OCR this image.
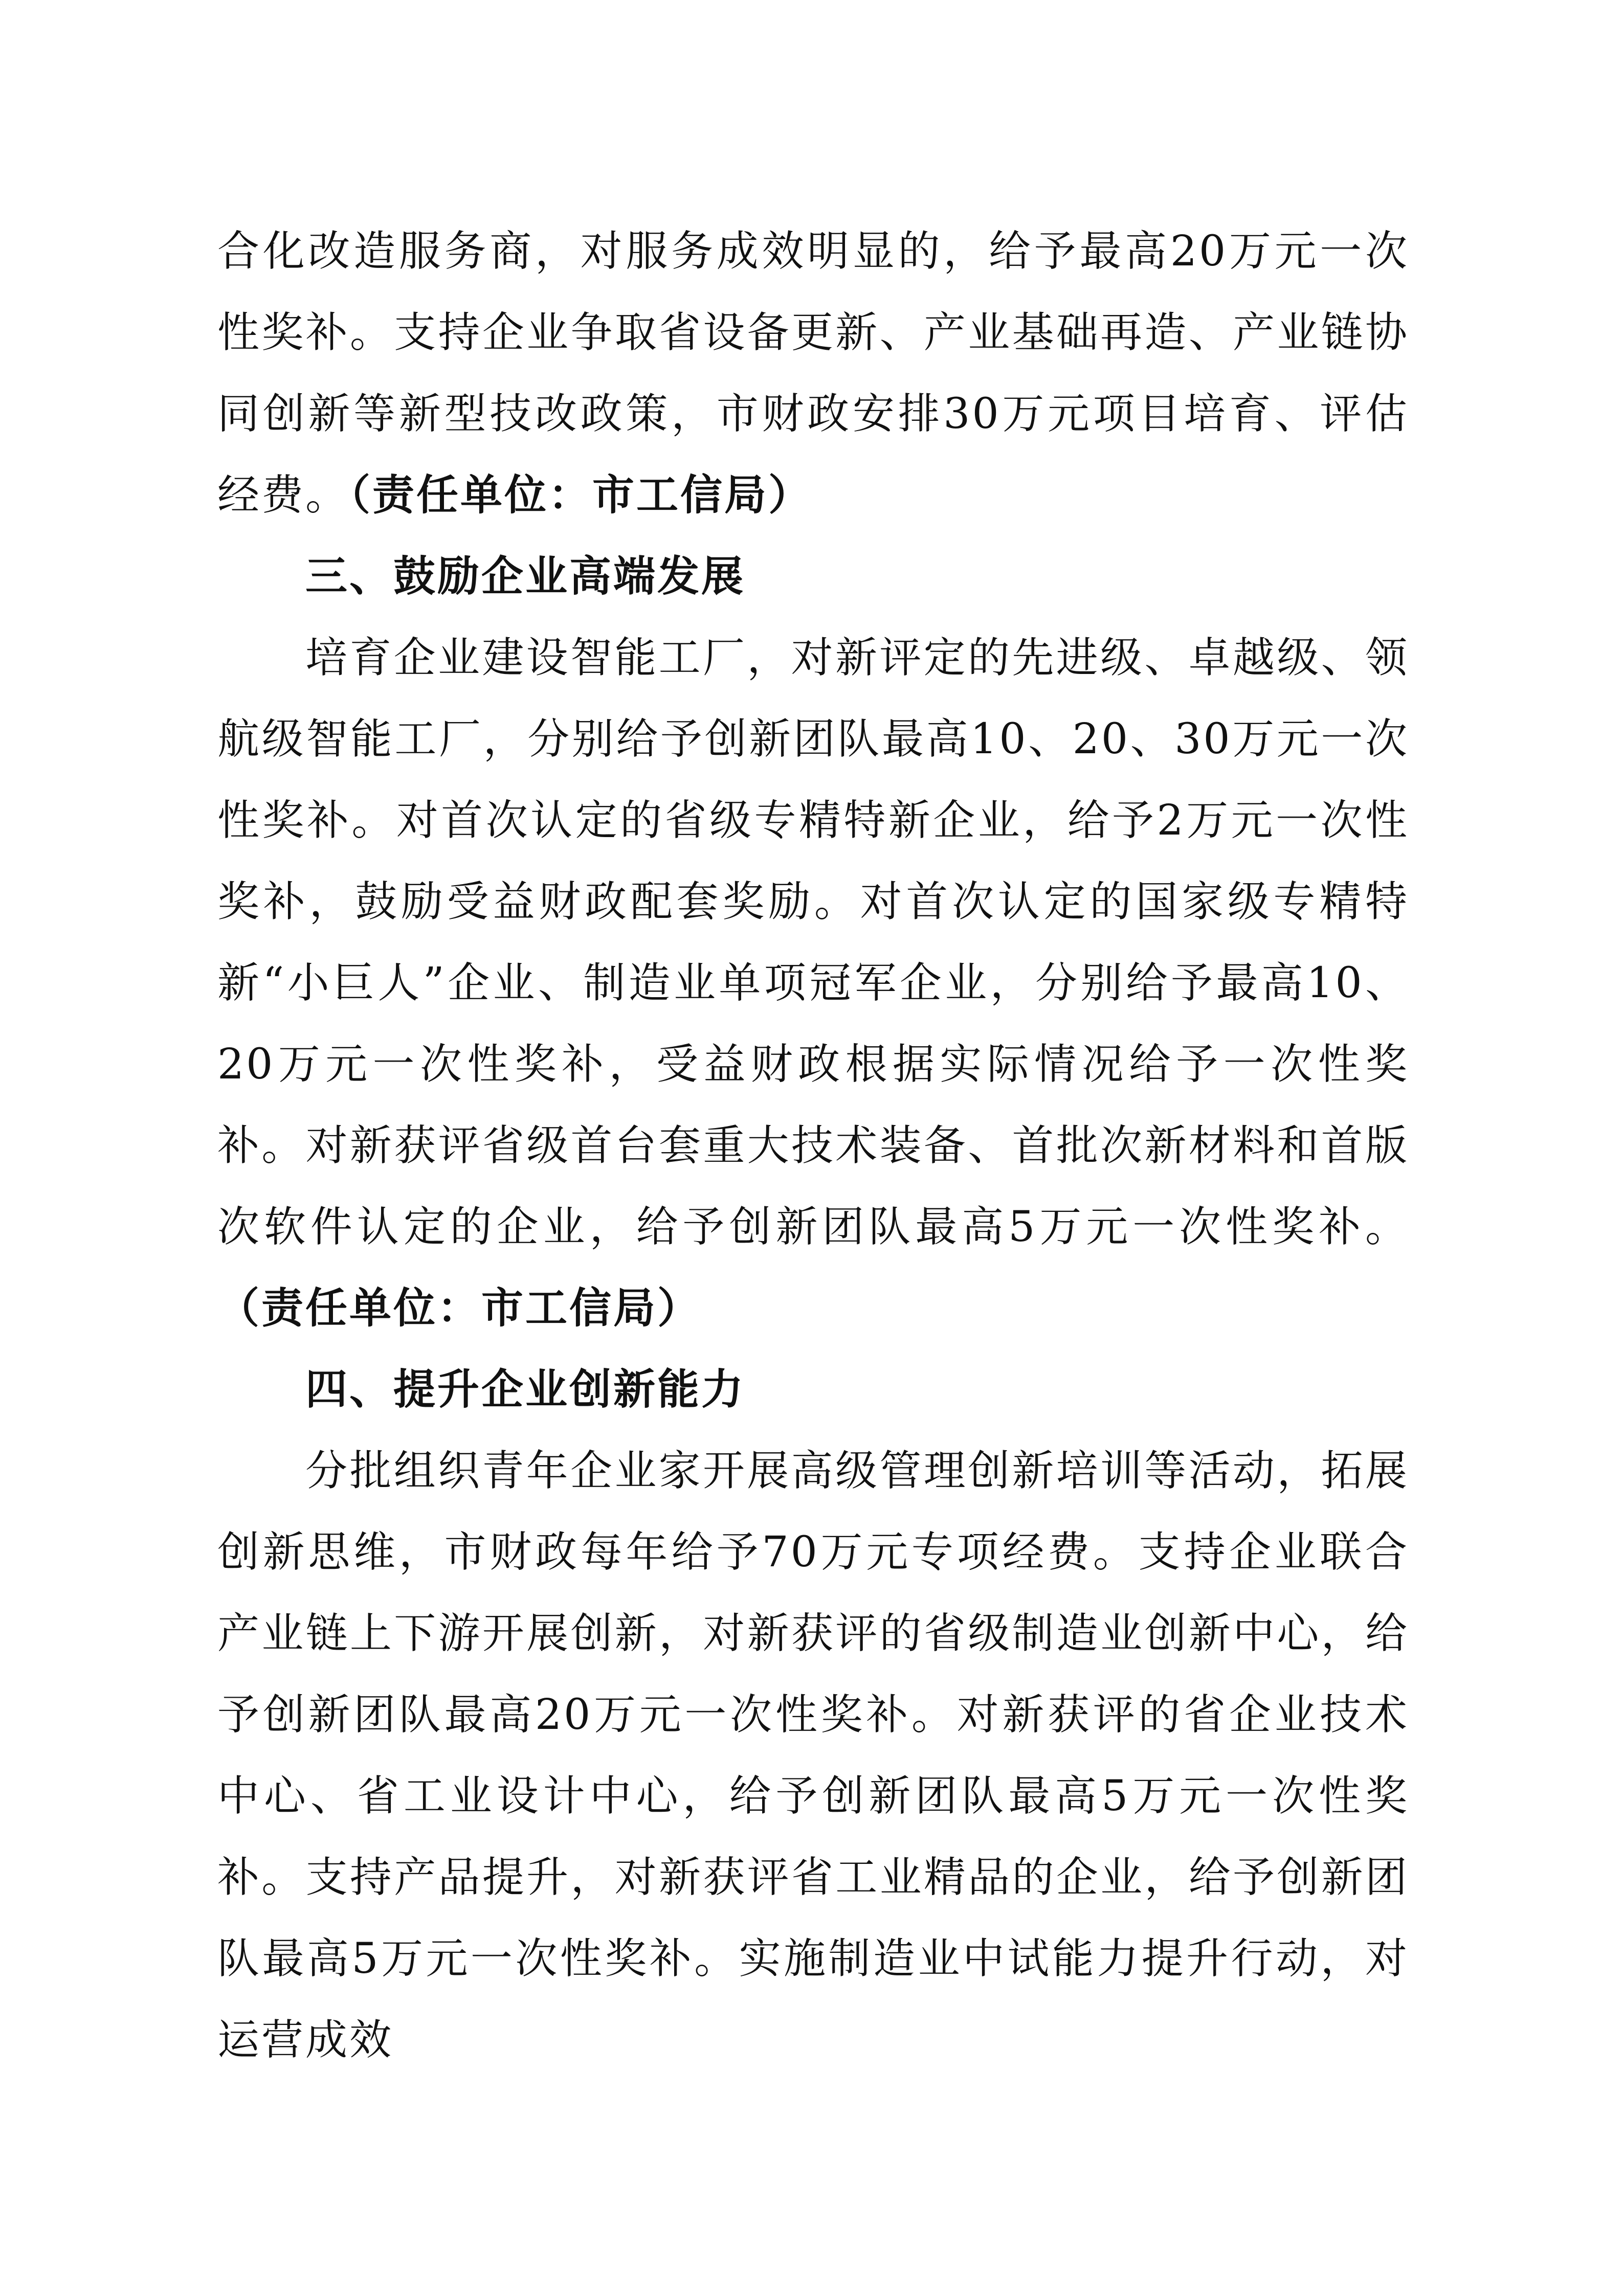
合化改造服务商，对服务成效明显的，给予最高20万元一次性奖补。支持企业争取省设备更新、产业基础再造、产业链协同创新等新型技改政策，市财政安排30万元项目培育、评估经费。（责任单位：市工信局）

三、鼓励企业高端发展

培育企业建设智能工厂，对新评定的先进级、卓越级、领航级智能工厂，分别给予创新团队最高10、20、30万元一次性奖补。对首次认定的省级专精特新企业，给予2万元一次性奖补，鼓励受益财政配套奖励。对首次认定的国家级专精特新“小巨人”企业、制造业单项冠军企业，分别给予最高10、20万元一次性奖补，受益财政根据实际情况给予一次性奖补。对新获评省级首台套重大技术装备、首批次新材料和首版次软件认定的企业，给予创新团队最高5万元一次性奖补。（责任单位：市工信局）

四、提升企业创新能力

分批组织青年企业家开展高级管理创新培训等活动，拓展创新思维，市财政每年给予70万元专项经费。支持企业联合产业链上下游开展创新，对新获评的省级制造业创新中心，给予创新团队最高20万元一次性奖补。对新获评的省企业技术中心、省工业设计中心，给予创新团队最高5万元一次性奖补。支持产品提升，对新获评省工业精品的企业，给予创新团队最高5万元一次性奖补。实施制造业中试能力提升行动，对运营成效
